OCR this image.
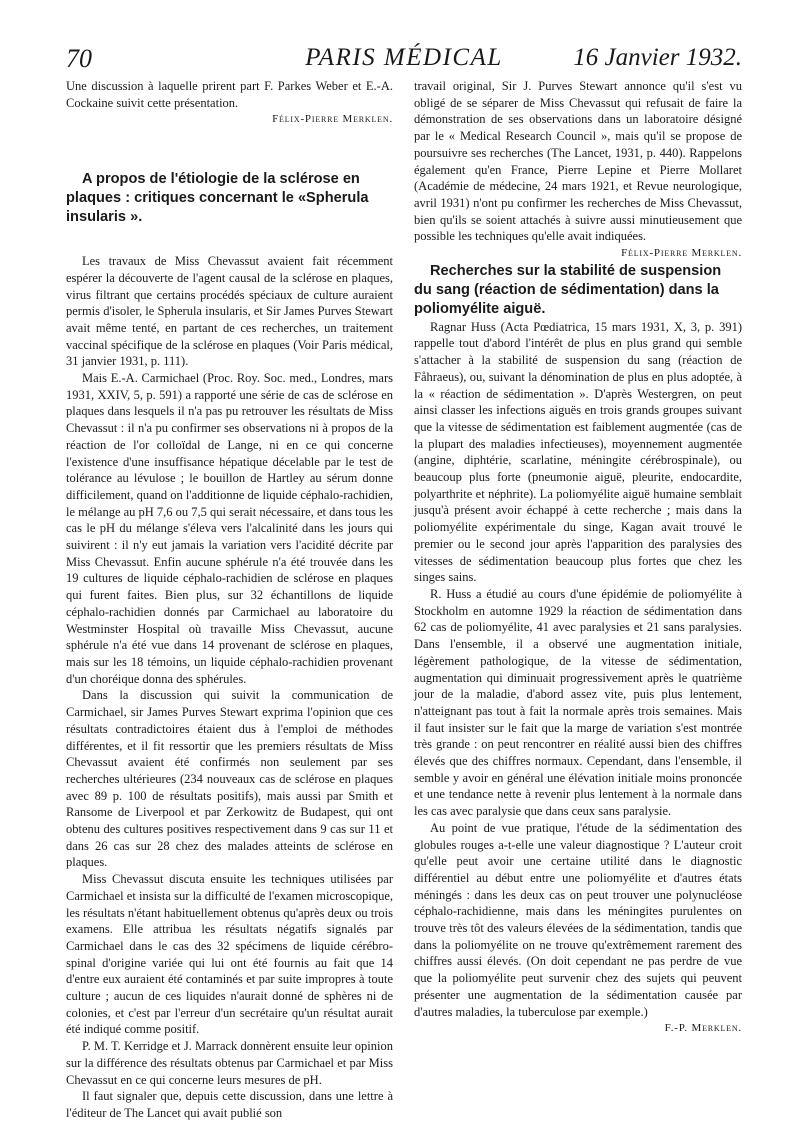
70	PARIS MÉDICAL	16 Janvier 1932.

Une discussion à laquelle prirent part F. Parkes Weber et E.-A. Cockaine suivit cette présentation.

Félix-Pierre Merklen.

A propos de l'étiologie de la sclérose en plaques : critiques concernant le «Spherula insularis ».

Les travaux de Miss Chevassut avaient fait récemment espérer la découverte de l'agent causal de la sclérose en plaques, virus filtrant que certains procédés spéciaux de culture auraient permis d'isoler, le Spherula insularis, et Sir James Purves Stewart avait même tenté, en partant de ces recherches, un traitement vaccinal spécifique de la sclérose en plaques (Voir Paris médical, 31 janvier 1931, p. 111).

Mais E.-A. Carmichael (Proc. Roy. Soc. med., Londres, mars 1931, XXIV, 5, p. 591) a rapporté une série de cas de sclérose en plaques dans lesquels il n'a pas pu retrouver les résultats de Miss Chevassut : il n'a pu confirmer ses observations ni à propos de la réaction de l'or colloïdal de Lange, ni en ce qui concerne l'existence d'une insuffisance hépatique décelable par le test de tolérance au lévulose ; le bouillon de Hartley au sérum donne difficilement, quand on l'additionne de liquide céphalo-rachidien, le mélange au pH 7,6 ou 7,5 qui serait nécessaire, et dans tous les cas le pH du mélange s'éleva vers l'alcalinité dans les jours qui suivirent : il n'y eut jamais la variation vers l'acidité décrite par Miss Chevassut. Enfin aucune sphérule n'a été trouvée dans les 19 cultures de liquide céphalo-rachidien de sclérose en plaques qui furent faites. Bien plus, sur 32 échantillons de liquide céphalo-rachidien donnés par Carmichael au laboratoire du Westminster Hospital où travaille Miss Chevassut, aucune sphérule n'a été vue dans 14 provenant de sclérose en plaques, mais sur les 18 témoins, un liquide céphalo-rachidien provenant d'un choréique donna des sphérules.

Dans la discussion qui suivit la communication de Carmichael, sir James Purves Stewart exprima l'opinion que ces résultats contradictoires étaient dus à l'emploi de méthodes différentes, et il fit ressortir que les premiers résultats de Miss Chevassut avaient été confirmés non seulement par ses recherches ultérieures (234 nouveaux cas de sclérose en plaques avec 89 p. 100 de résultats positifs), mais aussi par Smith et Ransome de Liverpool et par Zerkowitz de Budapest, qui ont obtenu des cultures positives respectivement dans 9 cas sur 11 et dans 26 cas sur 28 chez des malades atteints de sclérose en plaques.

Miss Chevassut discuta ensuite les techniques utilisées par Carmichael et insista sur la difficulté de l'examen microscopique, les résultats n'étant habituellement obtenus qu'après deux ou trois examens. Elle attribua les résultats négatifs signalés par Carmichael dans le cas des 32 spécimens de liquide cérébro-spinal d'origine variée qui lui ont été fournis au fait que 14 d'entre eux auraient été contaminés et par suite impropres à toute culture ; aucun de ces liquides n'aurait donné de sphères ni de colonies, et c'est par l'erreur d'un secrétaire qu'un résultat aurait été indiqué comme positif.

P. M. T. Kerridge et J. Marrack donnèrent ensuite leur opinion sur la différence des résultats obtenus par Carmichael et par Miss Chevassut en ce qui concerne leurs mesures de pH.

Il faut signaler que, depuis cette discussion, dans une lettre à l'éditeur de The Lancet qui avait publié son

travail original, Sir J. Purves Stewart annonce qu'il s'est vu obligé de se séparer de Miss Chevassut qui refusait de faire la démonstration de ses observations dans un laboratoire désigné par le « Medical Research Council », mais qu'il se propose de poursuivre ses recherches (The Lancet, 1931, p. 440). Rappelons également qu'en France, Pierre Lepine et Pierre Mollaret (Académie de médecine, 24 mars 1921, et Revue neurologique, avril 1931) n'ont pu confirmer les recherches de Miss Chevassut, bien qu'ils se soient attachés à suivre aussi minutieusement que possible les techniques qu'elle avait indiquées.

Félix-Pierre Merklen.

Recherches sur la stabilité de suspension du sang (réaction de sédimentation) dans la poliomyélite aiguë.

Ragnar Huss (Acta Pœdiatrica, 15 mars 1931, X, 3, p. 391) rappelle tout d'abord l'intérêt de plus en plus grand qui semble s'attacher à la stabilité de suspension du sang (réaction de Fåhraeus), ou, suivant la dénomination de plus en plus adoptée, à la « réaction de sédimentation ». D'après Westergren, on peut ainsi classer les infections aiguës en trois grands groupes suivant que la vitesse de sédimentation est faiblement augmentée (cas de la plupart des maladies infectieuses), moyennement augmentée (angine, diphtérie, scarlatine, méningite cérébrospinale), ou beaucoup plus forte (pneumonie aiguë, pleurite, endocardite, polyarthrite et néphrite). La poliomyélite aiguë humaine semblait jusqu'à présent avoir échappé à cette recherche ; mais dans la poliomyélite expérimentale du singe, Kagan avait trouvé le premier ou le second jour après l'apparition des paralysies des vitesses de sédimentation beaucoup plus fortes que chez les singes sains.

R. Huss a étudié au cours d'une épidémie de poliomyélite à Stockholm en automne 1929 la réaction de sédimentation dans 62 cas de poliomyélite, 41 avec paralysies et 21 sans paralysies. Dans l'ensemble, il a observé une augmentation initiale, légèrement pathologique, de la vitesse de sédimentation, augmentation qui diminuait progressivement après le quatrième jour de la maladie, d'abord assez vite, puis plus lentement, n'atteignant pas tout à fait la normale après trois semaines. Mais il faut insister sur le fait que la marge de variation s'est montrée très grande : on peut rencontrer en réalité aussi bien des chiffres élevés que des chiffres normaux. Cependant, dans l'ensemble, il semble y avoir en général une élévation initiale moins prononcée et une tendance nette à revenir plus lentement à la normale dans les cas avec paralysie que dans ceux sans paralysie.

Au point de vue pratique, l'étude de la sédimentation des globules rouges a-t-elle une valeur diagnostique ? L'auteur croit qu'elle peut avoir une certaine utilité dans le diagnostic différentiel au début entre une poliomyélite et d'autres états méningés : dans les deux cas on peut trouver une polynucléose céphalo-rachidienne, mais dans les méningites purulentes on trouve très tôt des valeurs élevées de la sédimentation, tandis que dans la poliomyélite on ne trouve qu'extrêmement rarement des chiffres aussi élevés. (On doit cependant ne pas perdre de vue que la poliomyélite peut survenir chez des sujets qui peuvent présenter une augmentation de la sédimentation causée par d'autres maladies, la tuberculose par exemple.)

F.-P. Merklen.
